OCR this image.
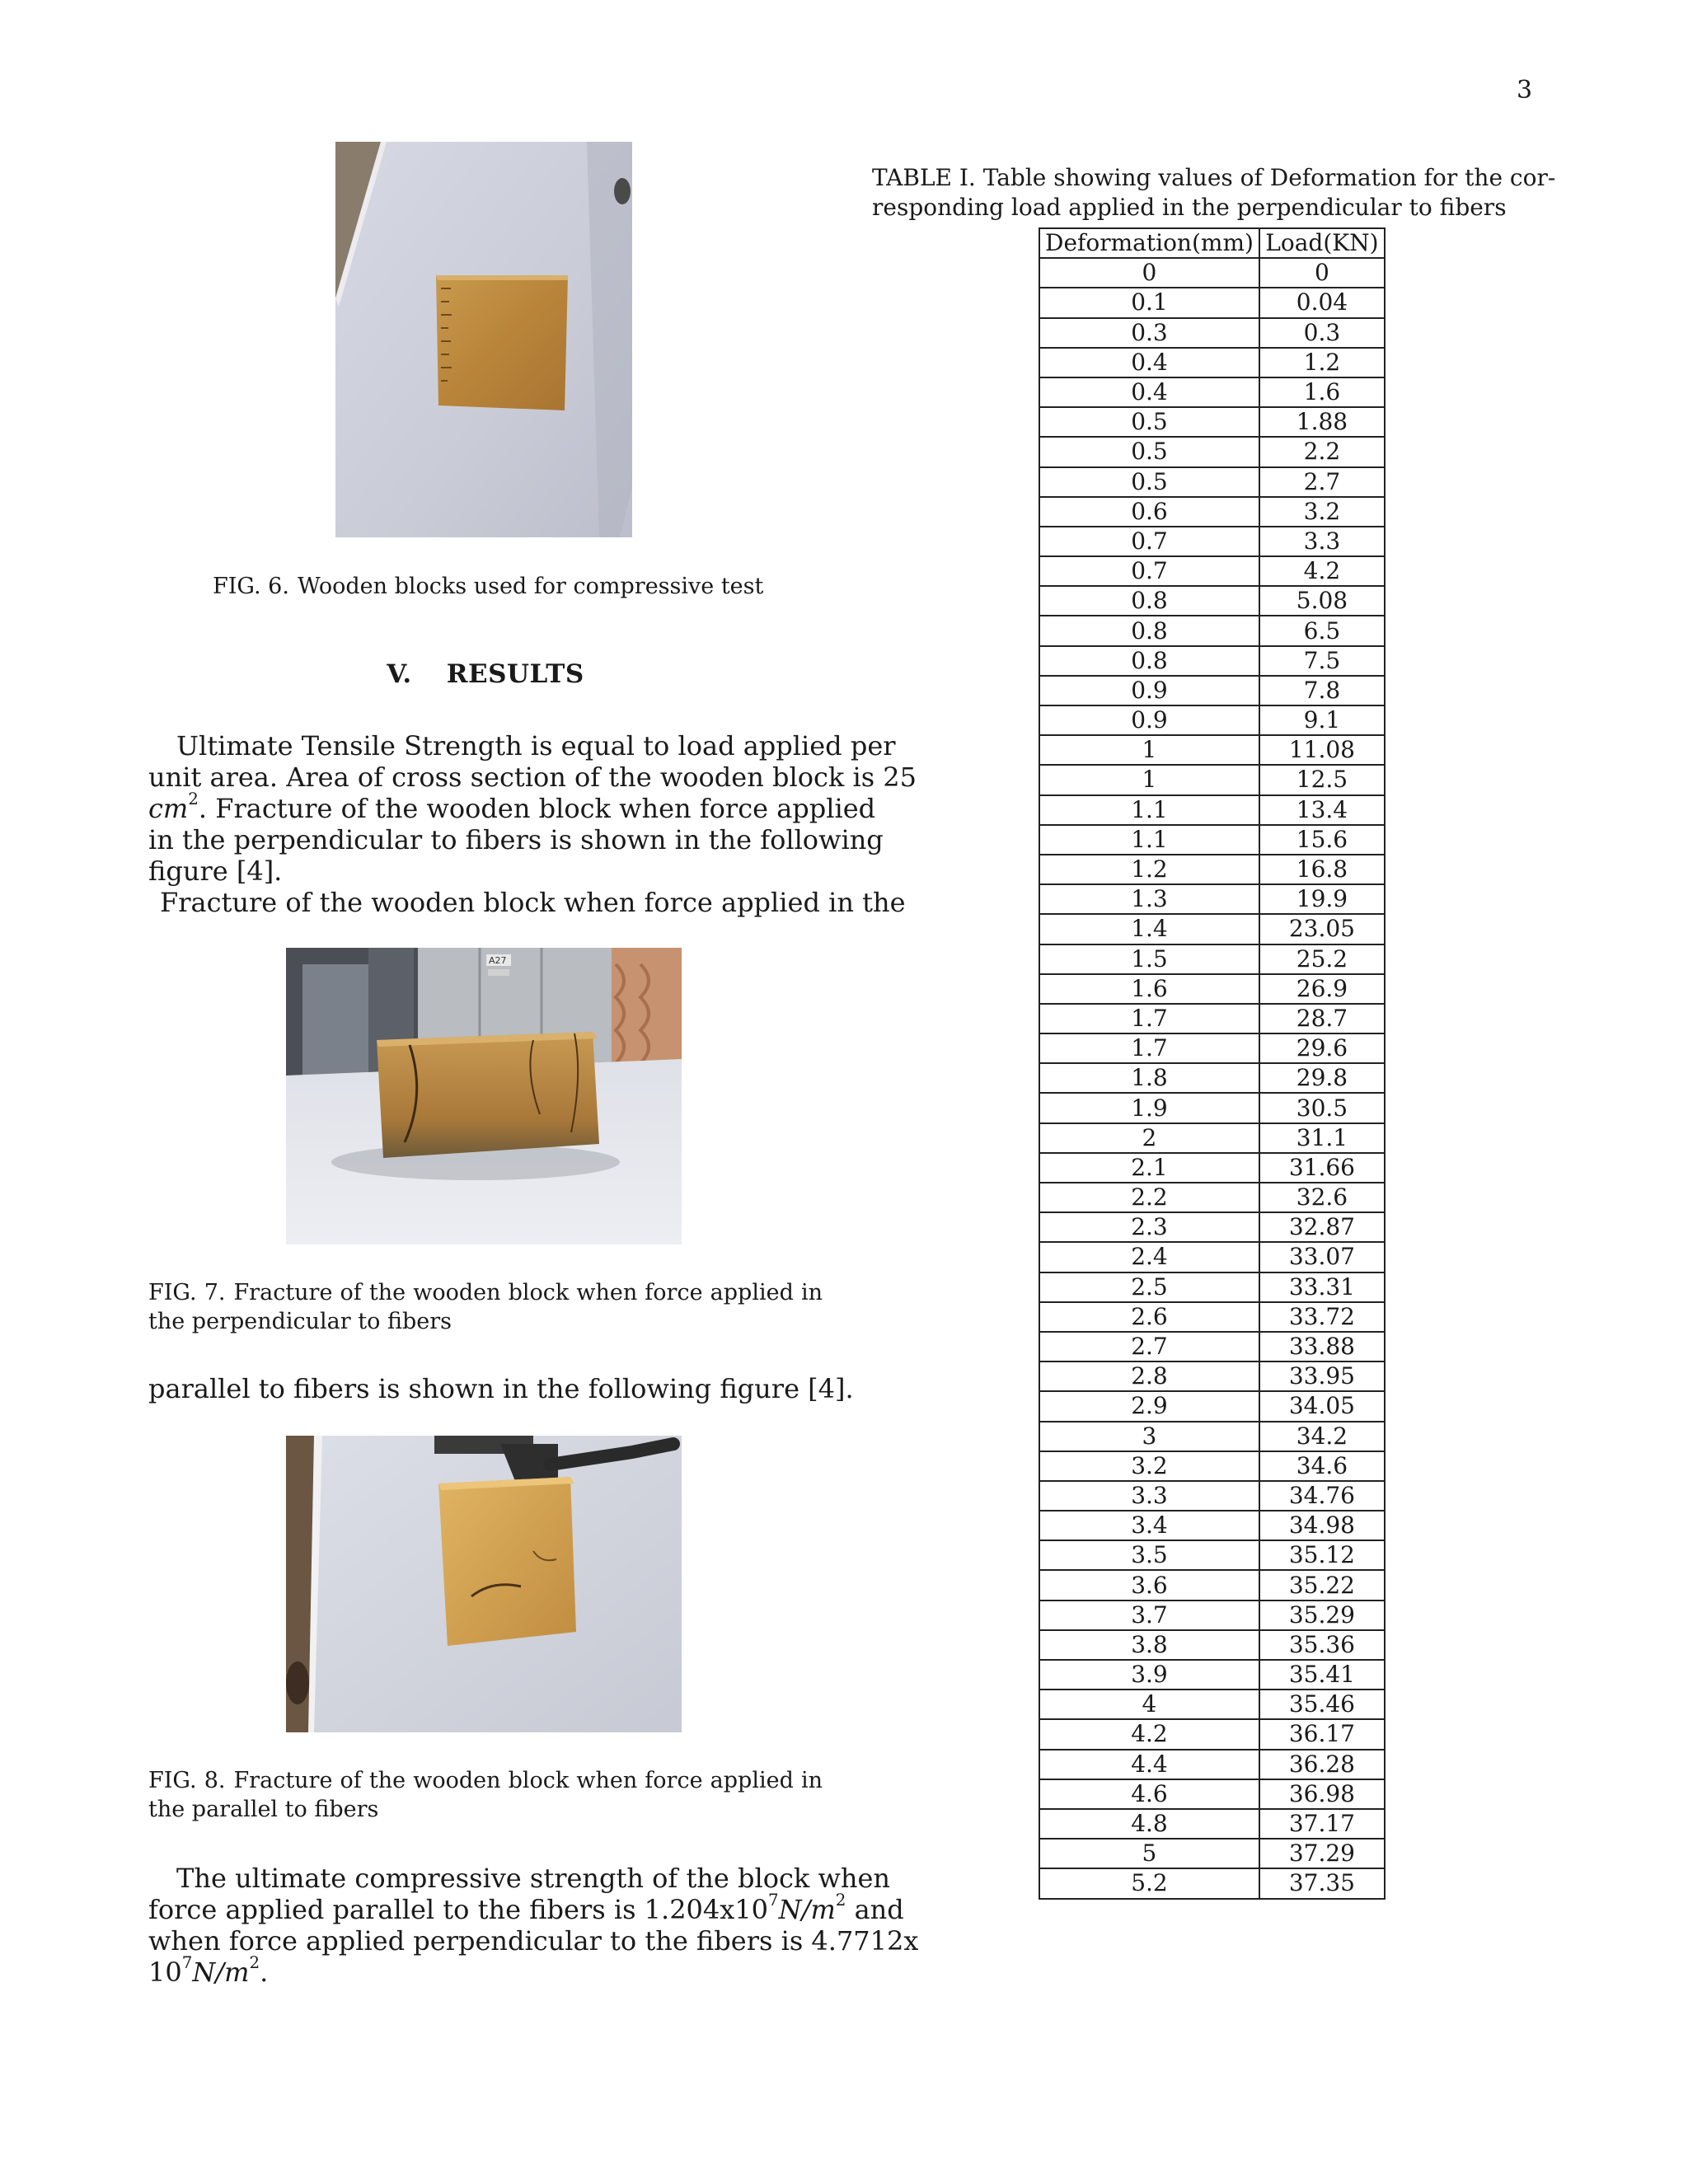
3
FIG. 6. Wooden blocks used for compressive test
V. RESULTS
Ultimate Tensile Strength is equal to load applied per
unit area. Area of cross section of the wooden block is 25
$cm^2$. Fracture of the wooden block when force applied
in the perpendicular to fibers is shown in the following
figure [4].
Fracture of the wooden block when force applied in the
A27
FIG. 7. Fracture of the wooden block when force applied in
the perpendicular to fibers
parallel to fibers is shown in the following figure [4].
FIG. 8. Fracture of the wooden block when force applied in
the parallel to fibers
The ultimate compressive strength of the block when
force applied parallel to the fibers is $1.204x10^7N/m^2$ and
when force applied perpendicular to the fibers is 4.7712x
$10^7N/m^2$.
TABLE I. Table showing values of Deformation for the cor-
responding load applied in the perpendicular to fibers
Deformation(mm)	Load(KN)
0	0
0.1	0.04
0.3	0.3
0.4	1.2
0.4	1.6
0.5	1.88
0.5	2.2
0.5	2.7
0.6	3.2
0.7	3.3
0.7	4.2
0.8	5.08
0.8	6.5
0.8	7.5
0.9	7.8
0.9	9.1
1	11.08
1	12.5
1.1	13.4
1.1	15.6
1.2	16.8
1.3	19.9
1.4	23.05
1.5	25.2
1.6	26.9
1.7	28.7
1.7	29.6
1.8	29.8
1.9	30.5
2	31.1
2.1	31.66
2.2	32.6
2.3	32.87
2.4	33.07
2.5	33.31
2.6	33.72
2.7	33.88
2.8	33.95
2.9	34.05
3	34.2
3.2	34.6
3.3	34.76
3.4	34.98
3.5	35.12
3.6	35.22
3.7	35.29
3.8	35.36
3.9	35.41
4	35.46
4.2	36.17
4.4	36.28
4.6	36.98
4.8	37.17
5	37.29
5.2	37.35
